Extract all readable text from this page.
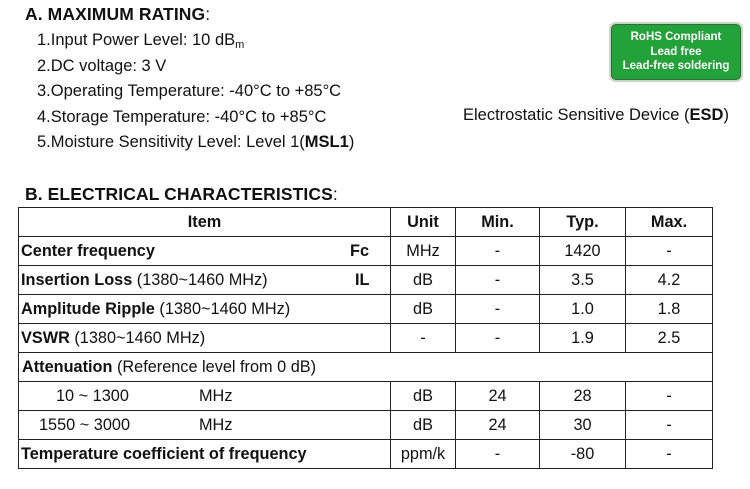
A. MAXIMUM RATING:
1.Input Power Level: 10 $dB_m$
2.DC voltage: 3 V
3.Operating Temperature: -40°C to +85°C
4.Storage Temperature: -40°C to +85°C
5.Moisture Sensitivity Level: Level 1(MSL1)
Electrostatic Sensitive Device (ESD)
RoHS Compliant
Lead free
Lead-free soldering
B. ELECTRICAL CHARACTERISTICS:
Item	Unit	Min.	Typ.	Max.
Center frequency Fc	MHz	-	1420	-
Insertion Loss (1380~1460 MHz) IL	dB	-	3.5	4.2
Amplitude Ripple (1380~1460 MHz)	dB	-	1.0	1.8
VSWR (1380~1460 MHz)	-	-	1.9	2.5
Attenuation (Reference level from 0 dB)				

10 ~ 1300 MHz	dB	24	28	-

1550 ~ 3000 MHz	dB	24	30	-
Temperature coefficient of frequency	ppm/k	-	-80	-
